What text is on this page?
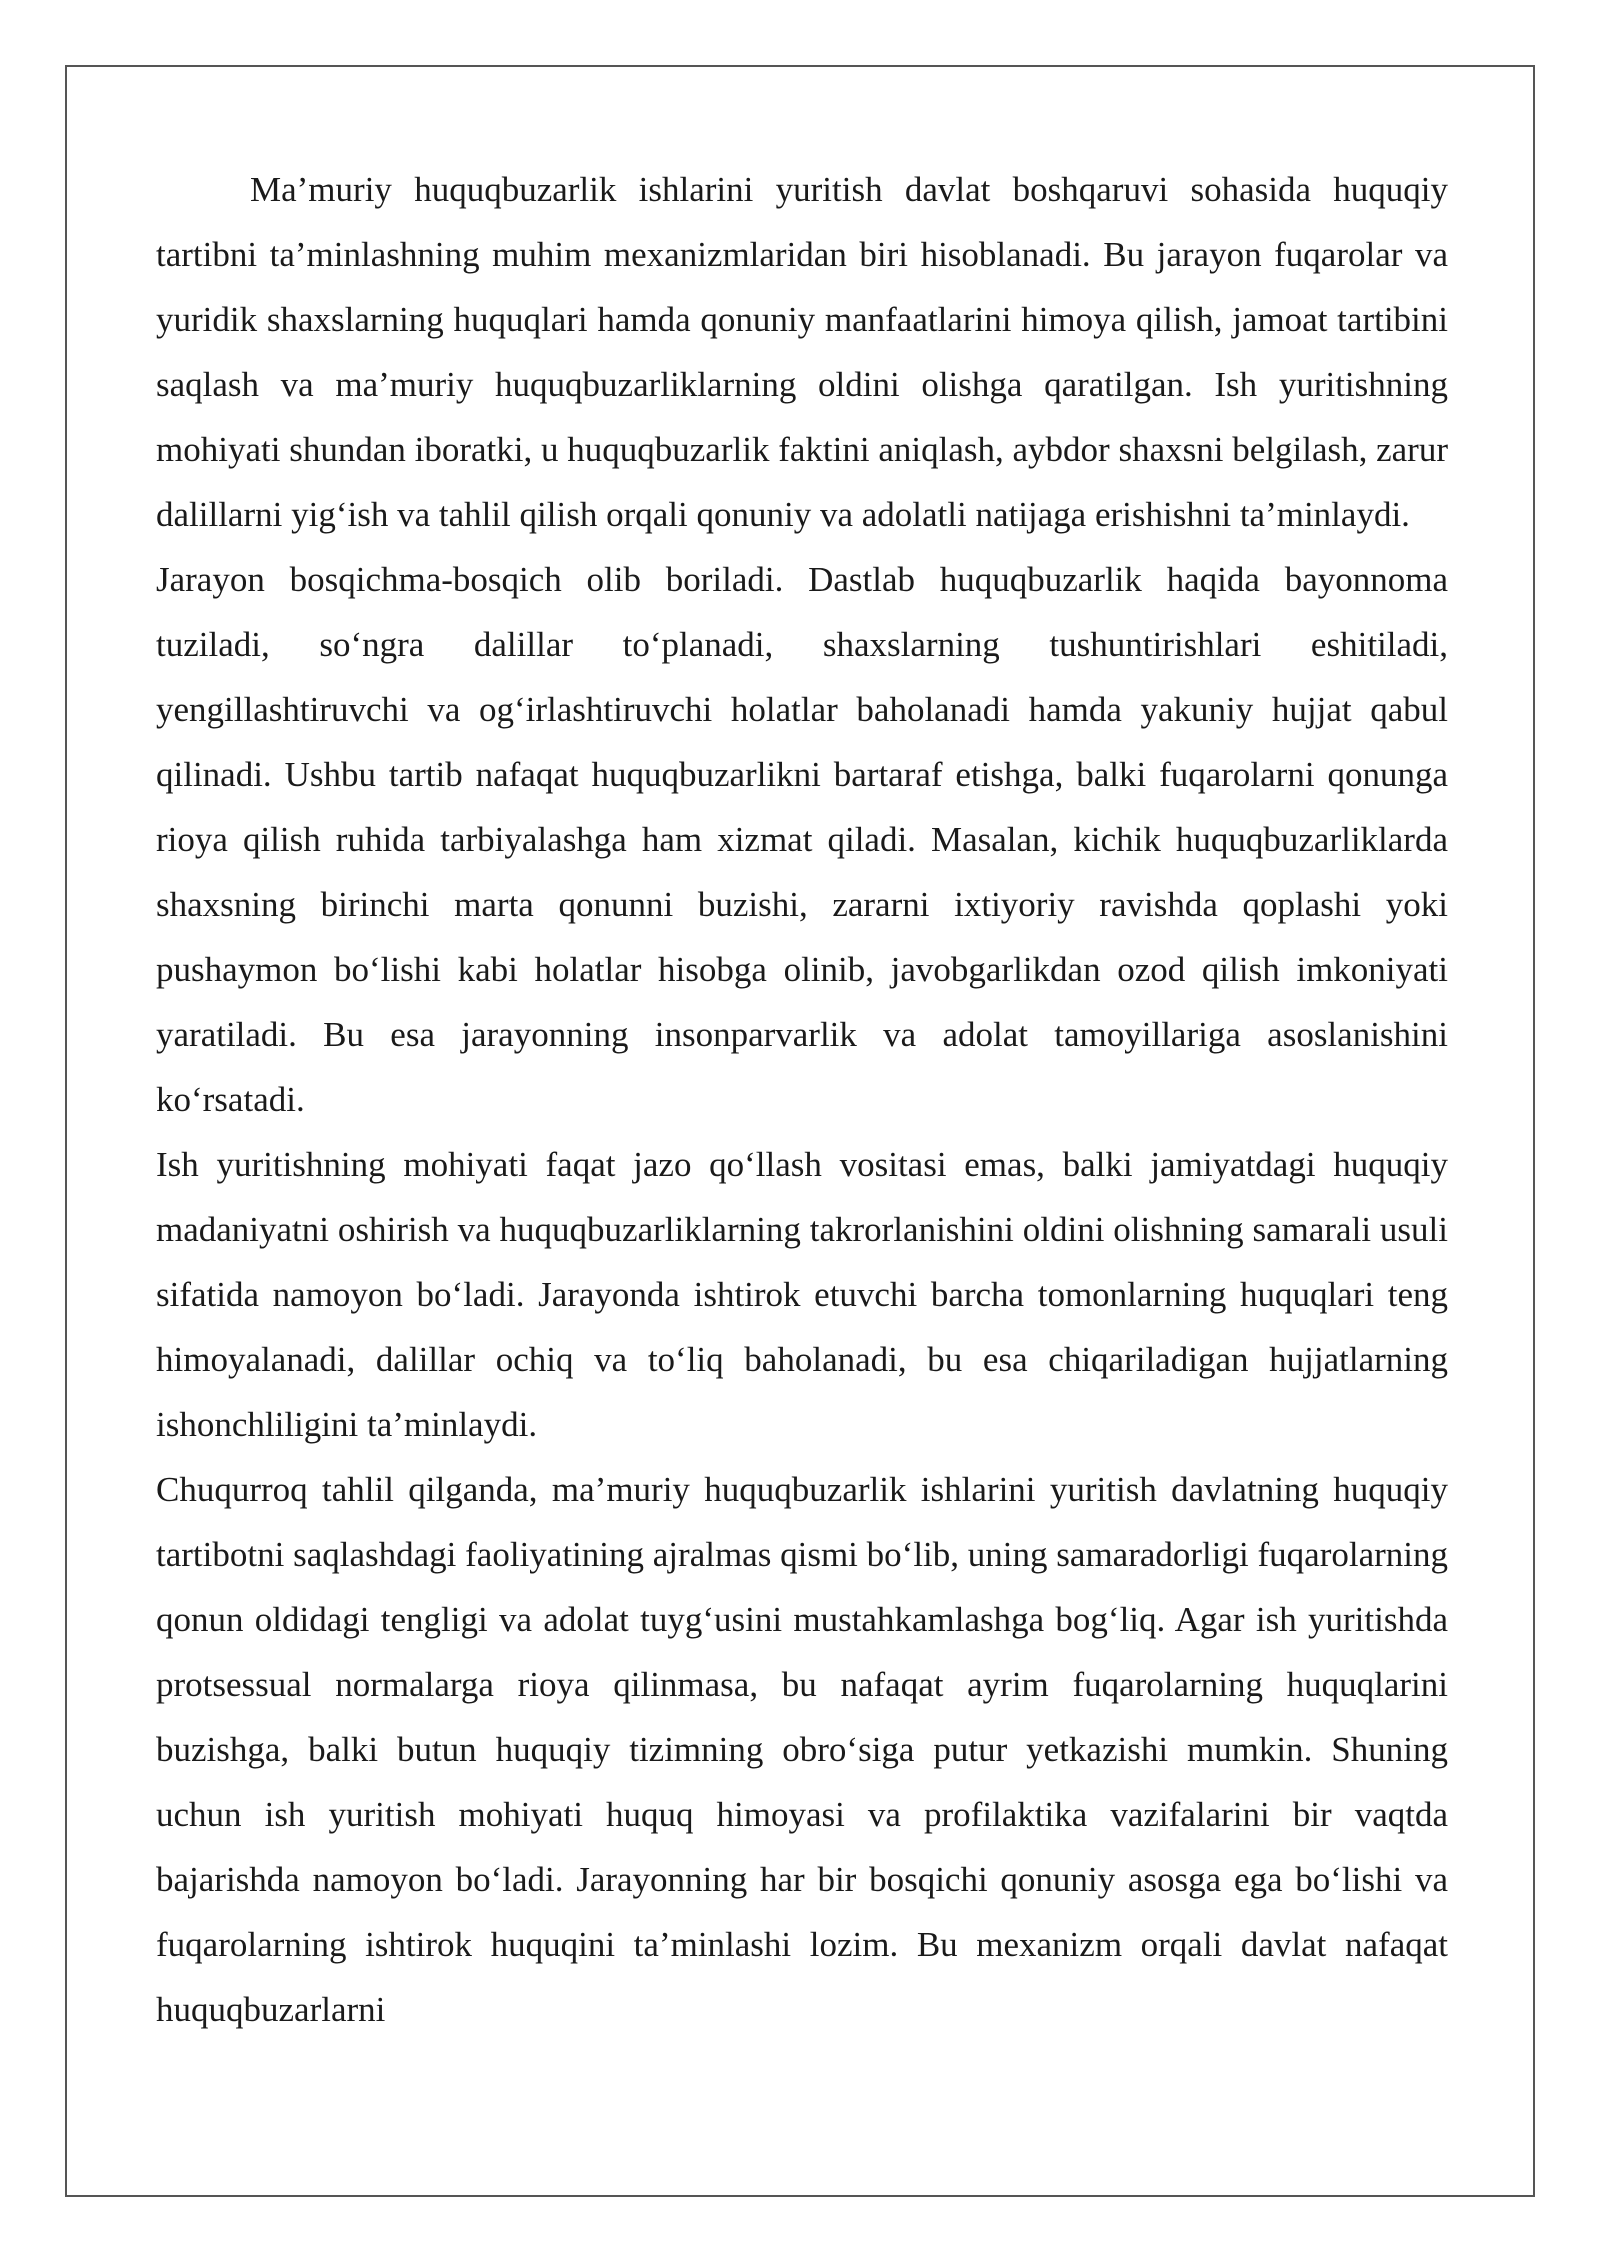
Ma’muriy huquqbuzarlik ishlarini yuritish davlat boshqaruvi sohasida huquqiy tartibni ta’minlashning muhim mexanizmlaridan biri hisoblanadi. Bu jarayon fuqarolar va yuridik shaxslarning huquqlari hamda qonuniy manfaatlarini himoya qilish, jamoat tartibini saqlash va ma’muriy huquqbuzarliklarning oldini olishga qaratilgan. Ish yuritishning mohiyati shundan iboratki, u huquqbuzarlik faktini aniqlash, aybdor shaxsni belgilash, zarur dalillarni yig‘ish va tahlil qilish orqali qonuniy va adolatli natijaga erishishni ta’minlaydi.

Jarayon bosqichma-bosqich olib boriladi. Dastlab huquqbuzarlik haqida bayonnoma tuziladi, so‘ngra dalillar to‘planadi, shaxslarning tushuntirishlari eshitiladi, yengillashtiruvchi va og‘irlashtiruvchi holatlar baholanadi hamda yakuniy hujjat qabul qilinadi. Ushbu tartib nafaqat huquqbuzarlikni bartaraf etishga, balki fuqarolarni qonunga rioya qilish ruhida tarbiyalashga ham xizmat qiladi. Masalan, kichik huquqbuzarliklarda shaxsning birinchi marta qonunni buzishi, zararni ixtiyoriy ravishda qoplashi yoki pushaymon bo‘lishi kabi holatlar hisobga olinib, javobgarlikdan ozod qilish imkoniyati yaratiladi. Bu esa jarayonning insonparvarlik va adolat tamoyillariga asoslanishini ko‘rsatadi.

Ish yuritishning mohiyati faqat jazo qo‘llash vositasi emas, balki jamiyatdagi huquqiy madaniyatni oshirish va huquqbuzarliklarning takrorlanishini oldini olishning samarali usuli sifatida namoyon bo‘ladi. Jarayonda ishtirok etuvchi barcha tomonlarning huquqlari teng himoyalanadi, dalillar ochiq va to‘liq baholanadi, bu esa chiqariladigan hujjatlarning ishonchliligini ta’minlaydi.

Chuqurroq tahlil qilganda, ma’muriy huquqbuzarlik ishlarini yuritish davlatning huquqiy tartibotni saqlashdagi faoliyatining ajralmas qismi bo‘lib, uning samaradorligi fuqarolarning qonun oldidagi tengligi va adolat tuyg‘usini mustahkamlashga bog‘liq. Agar ish yuritishda protsessual normalarga rioya qilinmasa, bu nafaqat ayrim fuqarolarning huquqlarini buzishga, balki butun huquqiy tizimning obro‘siga putur yetkazishi mumkin. Shuning uchun ish yuritish mohiyati huquq himoyasi va profilaktika vazifalarini bir vaqtda bajarishda namoyon bo‘ladi. Jarayonning har bir bosqichi qonuniy asosga ega bo‘lishi va fuqarolarning ishtirok huquqini ta’minlashi lozim. Bu mexanizm orqali davlat nafaqat huquqbuzarlarni
